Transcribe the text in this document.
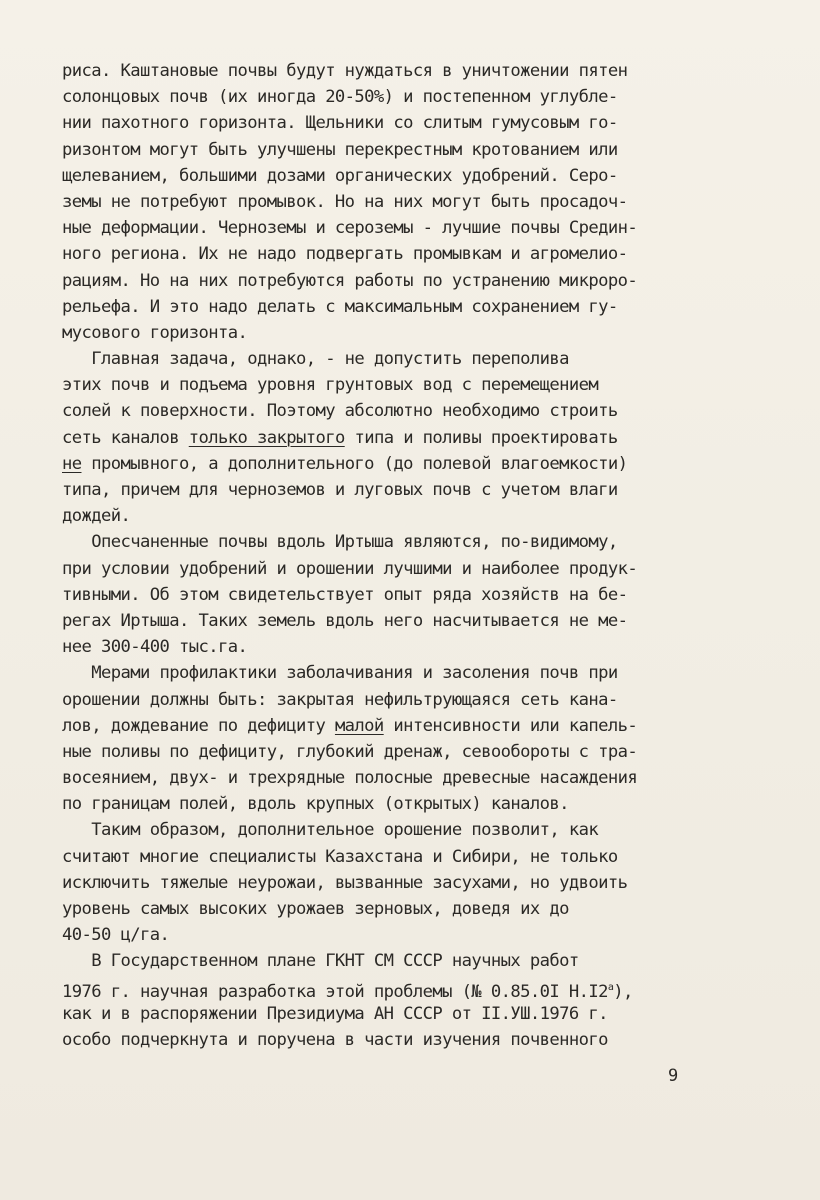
риса. Каштановые почвы будут нуждаться в уничтожении пятен
солонцовых почв (их иногда 20-50%) и постепенном углубле-
нии пахотного горизонта. Щельники со слитым гумусовым го-
ризонтом могут быть улучшены перекрестным кротованием или
щелеванием, большими дозами органических удобрений. Серо-
земы не потребуют промывок. Но на них могут быть просадоч-
ные деформации. Черноземы и сероземы - лучшие почвы Средин-
ного региона. Их не надо подвергать промывкам и агромелио-
рациям. Но на них потребуются работы по устранению микроро-
рельефа. И это надо делать с максимальным сохранением гу-
мусового горизонта.
Главная задача, однако, - не допустить переполива
этих почв и подъема уровня грунтовых вод с перемещением
солей к поверхности. Поэтому абсолютно необходимо строить
сеть каналов только закрытого типа и поливы проектировать
не промывного, а дополнительного (до полевой влагоемкости)
типа, причем для черноземов и луговых почв с учетом влаги
дождей.
Опесчаненные почвы вдоль Иртыша являются, по-видимому,
при условии удобрений и орошении лучшими и наиболее продук-
тивными. Об этом свидетельствует опыт ряда хозяйств на бе-
регах Иртыша. Таких земель вдоль него насчитывается не ме-
нее 300-400 тыс.га.
Мерами профилактики заболачивания и засоления почв при
орошении должны быть: закрытая нефильтрующаяся сеть кана-
лов, дождевание по дефициту малой интенсивности или капель-
ные поливы по дефициту, глубокий дренаж, севообороты с тра-
восеянием, двух- и трехрядные полосные древесные насаждения
по границам полей, вдоль крупных (открытых) каналов.
Таким образом, дополнительное орошение позволит, как
считают многие специалисты Казахстана и Сибири, не только
исключить тяжелые неурожаи, вызванные засухами, но удвоить
уровень самых высоких урожаев зерновых, доведя их до
40-50 ц/га.
В Государственном плане ГКНТ СМ СССР научных работ
1976 г. научная разработка этой проблемы (№ 0.85.0I $Н.I2^а$),
как и в распоряжении Президиума АН СССР от II.УШ.1976 г.
особо подчеркнута и поручена в части изучения почвенного
9
